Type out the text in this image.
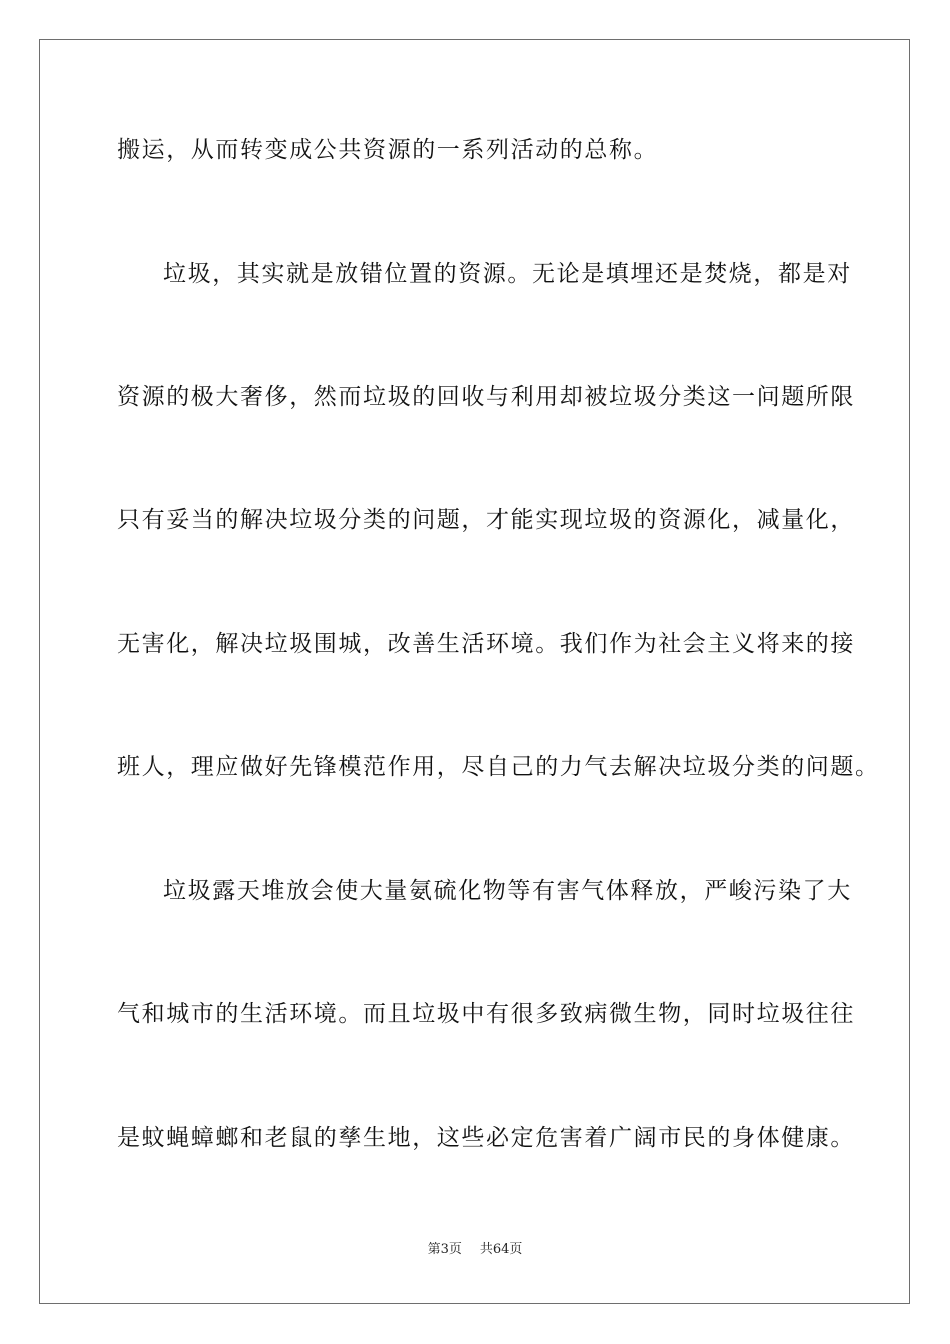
搬运，从而转变成公共资源的一系列活动的总称。
垃圾，其实就是放错位置的资源。无论是填埋还是焚烧，都是对
资源的极大奢侈，然而垃圾的回收与利用却被垃圾分类这一问题所限
只有妥当的解决垃圾分类的问题，才能实现垃圾的资源化，减量化，
无害化，解决垃圾围城，改善生活环境。我们作为社会主义将来的接
班人，理应做好先锋模范作用，尽自己的力气去解决垃圾分类的问题。
垃圾露天堆放会使大量氨硫化物等有害气体释放，严峻污染了大
气和城市的生活环境。而且垃圾中有很多致病微生物，同时垃圾往往
是蚊蝇蟑螂和老鼠的孳生地，这些必定危害着广阔市民的身体健康。
第3页 共64页
